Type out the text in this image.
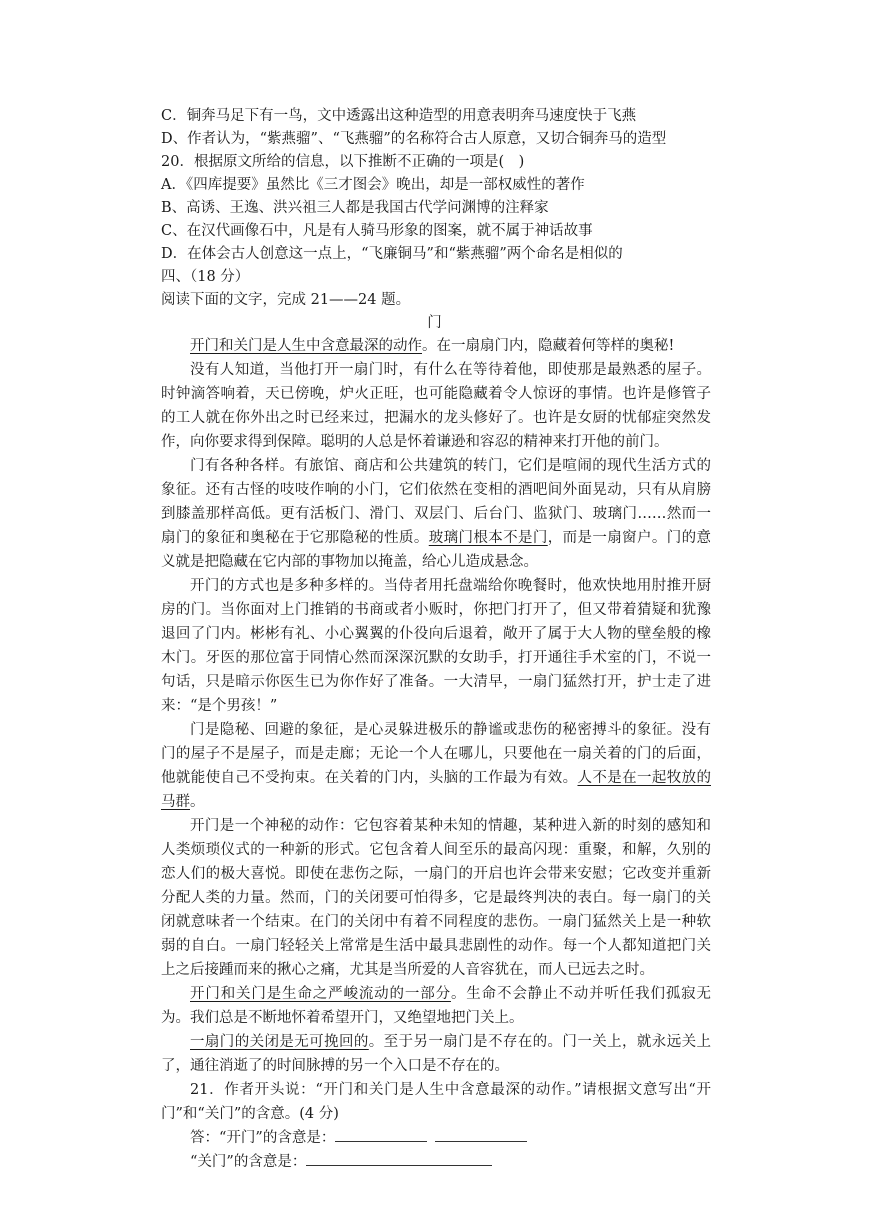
C．铜奔马足下有一鸟，文中透露出这种造型的用意表明奔马速度快于飞燕
D、作者认为，“紫燕骝”、“飞燕骝”的名称符合古人原意，又切合铜奔马的造型
20．根据原文所给的信息，以下推断不正确的一项是(　)
A．《四库提要》虽然比《三才图会》晚出，却是一部权威性的著作
B、高诱、王逸、洪兴祖三人都是我国古代学问渊博的注释家
C、在汉代画像石中，凡是有人骑马形象的图案，就不属于神话故事
D．在体会古人创意这一点上，“飞廉铜马”和“紫燕骝”两个命名是相似的
四、（18 分）
阅读下面的文字，完成 21——24 题。
门

开门和关门是人生中含意最深的动作。在一扇扇门内，隐藏着何等样的奥秘!

没有人知道，当他打开一扇门时，有什么在等待着他，即使那是最熟悉的屋子。时钟滴答响着，天已傍晚，炉火正旺，也可能隐藏着令人惊讶的事情。也许是修管子的工人就在你外出之时已经来过，把漏水的龙头修好了。也许是女厨的忧郁症突然发作，向你要求得到保障。聪明的人总是怀着谦逊和容忍的精神来打开他的前门。

门有各种各样。有旅馆、商店和公共建筑的转门，它们是喧闹的现代生活方式的象征。还有古怪的吱吱作响的小门，它们依然在变相的酒吧间外面晃动，只有从肩膀到膝盖那样高低。更有活板门、滑门、双层门、后台门、监狱门、玻璃门……然而一扇门的象征和奥秘在于它那隐秘的性质。玻璃门根本不是门，而是一扇窗户。门的意义就是把隐藏在它内部的事物加以掩盖，给心儿造成悬念。

开门的方式也是多种多样的。当侍者用托盘端给你晚餐时，他欢快地用肘推开厨房的门。当你面对上门推销的书商或者小贩时，你把门打开了，但又带着猜疑和犹豫退回了门内。彬彬有礼、小心翼翼的仆役向后退着，敞开了属于大人物的壁垒般的橡木门。牙医的那位富于同情心然而深深沉默的女助手，打开通往手术室的门，不说一句话，只是暗示你医生已为你作好了准备。一大清早，一扇门猛然打开，护士走了进来：“是个男孩！”

门是隐秘、回避的象征，是心灵躲进极乐的静谧或悲伤的秘密搏斗的象征。没有门的屋子不是屋子，而是走廊；无论一个人在哪儿，只要他在一扇关着的门的后面，他就能使自己不受拘束。在关着的门内，头脑的工作最为有效。人不是在一起牧放的马群。

开门是一个神秘的动作：它包容着某种未知的情趣，某种进入新的时刻的感知和人类烦琐仪式的一种新的形式。它包含着人间至乐的最高闪现：重聚，和解，久别的恋人们的极大喜悦。即使在悲伤之际，一扇门的开启也许会带来安慰；它改变并重新分配人类的力量。然而，门的关闭要可怕得多，它是最终判决的表白。每一扇门的关闭就意味者一个结束。在门的关闭中有着不同程度的悲伤。一扇门猛然关上是一种软弱的自白。一扇门轻轻关上常常是生活中最具悲剧性的动作。每一个人都知道把门关上之后接踵而来的揪心之痛，尤其是当所爱的人音容犹在，而人已远去之时。

开门和关门是生命之严峻流动的一部分。生命不会静止不动并听任我们孤寂无为。我们总是不断地怀着希望开门，又绝望地把门关上。

一扇门的关闭是无可挽回的。至于另一扇门是不存在的。门一关上，就永远关上了，通往消逝了的时间脉搏的另一个入口是不存在的。

21．作者开头说：“开门和关门是人生中含意最深的动作。”请根据文意写出“开门”和“关门”的含意。(4 分)

答：“开门”的含意是：

“关门”的含意是：
